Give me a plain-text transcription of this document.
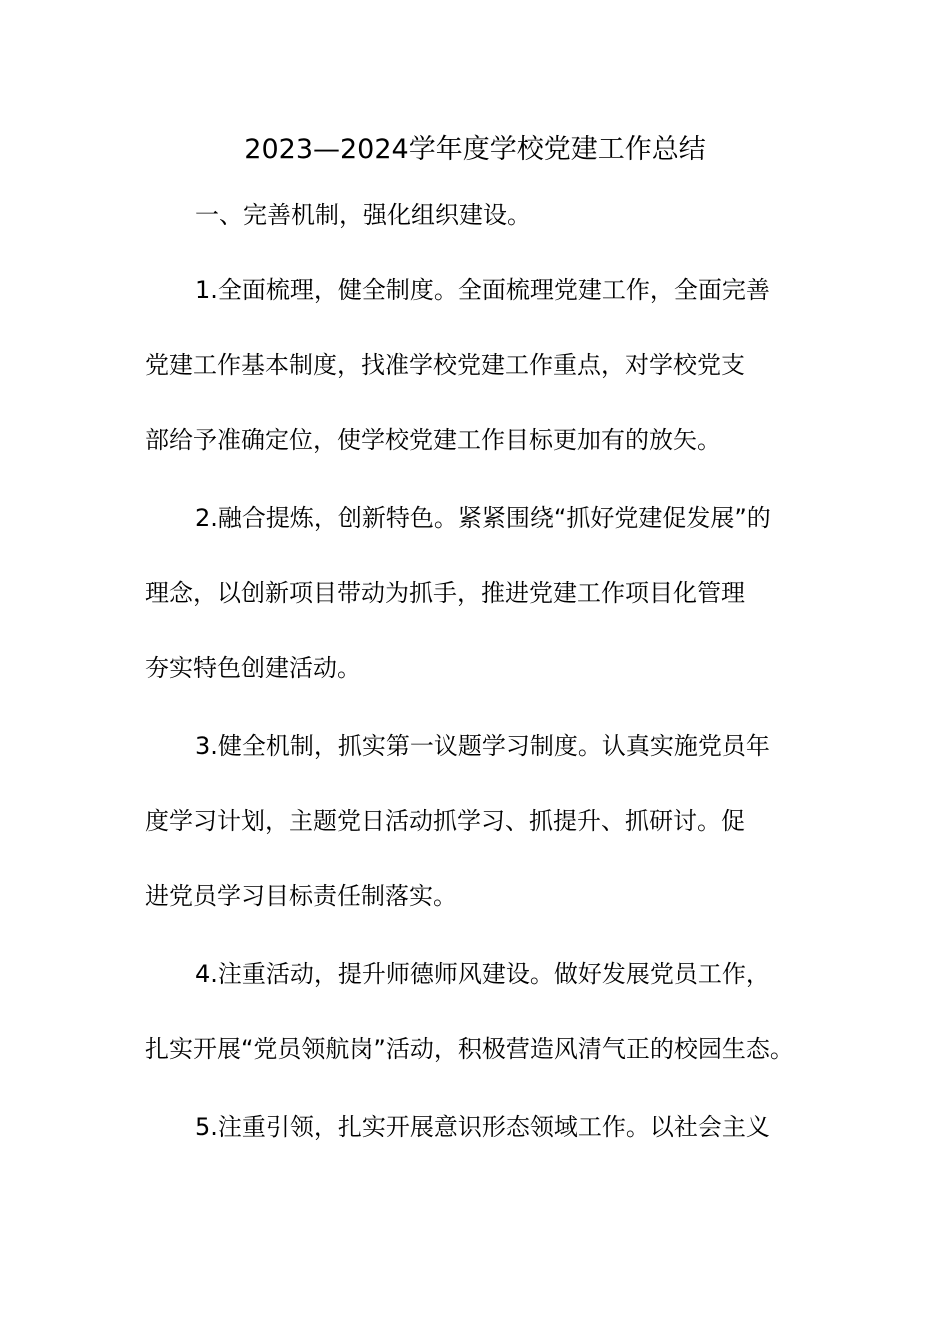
2023—2024学年度学校党建工作总结
一、完善机制，强化组织建设。
1.全面梳理，健全制度。全面梳理党建工作，全面完善
党建工作基本制度，找准学校党建工作重点，对学校党支
部给予准确定位，使学校党建工作目标更加有的放矢。
2.融合提炼，创新特色。紧紧围绕“抓好党建促发展”的
理念，以创新项目带动为抓手，推进党建工作项目化管理
夯实特色创建活动。
3.健全机制，抓实第一议题学习制度。认真实施党员年
度学习计划，主题党日活动抓学习、抓提升、抓研讨。促
进党员学习目标责任制落实。
4.注重活动，提升师德师风建设。做好发展党员工作，
扎实开展“党员领航岗”活动，积极营造风清气正的校园生态。
5.注重引领，扎实开展意识形态领域工作。以社会主义
